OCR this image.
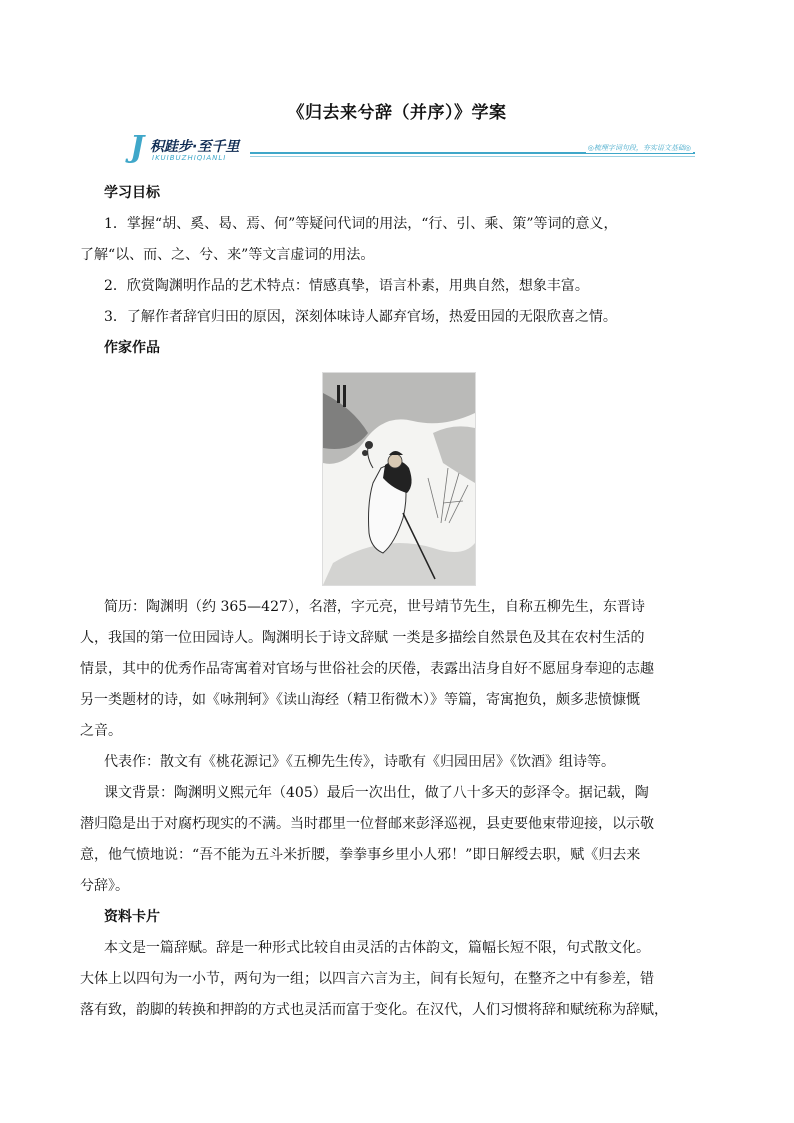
《归去来兮辞（并序）》学案
J 积跬步·至千里
IKUIBUZHIQIANLI
◎梳理字词句段，夯实语文基础◎

学习目标

1．掌握“胡、奚、曷、焉、何”等疑问代词的用法，“行、引、乘、策”等词的意义，

了解“以、而、之、兮、来”等文言虚词的用法。

2．欣赏陶渊明作品的艺术特点：情感真挚，语言朴素，用典自然，想象丰富。

3．了解作者辞官归田的原因，深刻体味诗人鄙弃官场，热爱田园的无限欣喜之情。

作家作品

简历：陶渊明（约 365—427），名潜，字元亮，世号靖节先生，自称五柳先生，东晋诗

人，我国的第一位田园诗人。陶渊明长于诗文辞赋 一类是多描绘自然景色及其在农村生活的

情景，其中的优秀作品寄寓着对官场与世俗社会的厌倦，表露出洁身自好不愿屈身奉迎的志趣

另一类题材的诗，如《咏荆轲》《读山海经（精卫衔微木）》等篇，寄寓抱负，颇多悲愤慷慨

之音。

代表作：散文有《桃花源记》《五柳先生传》，诗歌有《归园田居》《饮酒》组诗等。

课文背景：陶渊明义熙元年（405）最后一次出仕，做了八十多天的彭泽令。据记载，陶

潜归隐是出于对腐朽现实的不满。当时郡里一位督邮来彭泽巡视，县吏要他束带迎接，以示敬

意，他气愤地说：“吾不能为五斗米折腰，拳拳事乡里小人邪！”即日解绶去职，赋《归去来

兮辞》。

资料卡片

本文是一篇辞赋。辞是一种形式比较自由灵活的古体韵文，篇幅长短不限，句式散文化。

大体上以四句为一小节，两句为一组；以四言六言为主，间有长短句，在整齐之中有参差，错

落有致，韵脚的转换和押韵的方式也灵活而富于变化。在汉代，人们习惯将辞和赋统称为辞赋，
